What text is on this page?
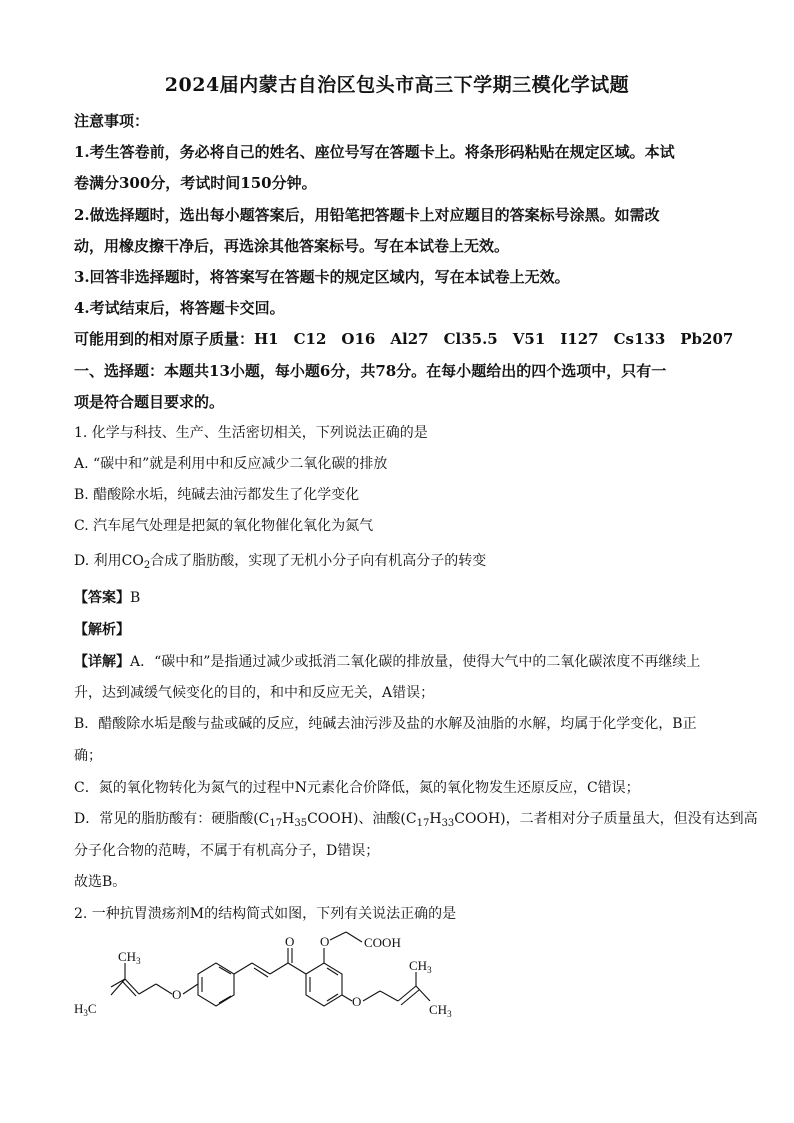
2024届内蒙古自治区包头市高三下学期三模化学试题
注意事项：
1.考生答卷前，务必将自己的姓名、座位号写在答题卡上。将条形码粘贴在规定区域。本试
卷满分300分，考试时间150分钟。
2.做选择题时，选出每小题答案后，用铅笔把答题卡上对应题目的答案标号涂黑。如需改
动，用橡皮擦干净后，再选涂其他答案标号。写在本试卷上无效。
3.回答非选择题时，将答案写在答题卡的规定区域内，写在本试卷上无效。
4.考试结束后，将答题卡交回。
可能用到的相对原子质量：H1　C12　O16　Al27　Cl35.5　V51　I127　Cs133　Pb207
一、选择题：本题共13小题，每小题6分，共78分。在每小题给出的四个选项中，只有一
项是符合题目要求的。
1. 化学与科技、生产、生活密切相关，下列说法正确的是
A. “碳中和”就是利用中和反应减少二氧化碳的排放
B. 醋酸除水垢，纯碱去油污都发生了化学变化
C. 汽车尾气处理是把氮的氧化物催化氧化为氮气
D. 利用$CO_2$合成了脂肪酸，实现了无机小分子向有机高分子的转变
【答案】B
【解析】
【详解】A．“碳中和”是指通过减少或抵消二氧化碳的排放量，使得大气中的二氧化碳浓度不再继续上
升，达到减缓气候变化的目的，和中和反应无关，A错误；
B．醋酸除水垢是酸与盐或碱的反应，纯碱去油污涉及盐的水解及油脂的水解，均属于化学变化，B正
确；
C．氮的氧化物转化为氮气的过程中N元素化合价降低，氮的氧化物发生还原反应，C错误；
D．常见的脂肪酸有：硬脂酸$(C_{17}H_{35}COOH)$、油酸$(C_{17}H_{33}COOH)$，二者相对分子质量虽大，但没有达到高
分子化合物的范畴，不属于有机高分子，D错误；
故选B。
2. 一种抗胃溃疡剂M的结构简式如图，下列有关说法正确的是
$CH_3$
$H_3C$
O
O O	COOH
O
$CH_3$
$CH_3$
